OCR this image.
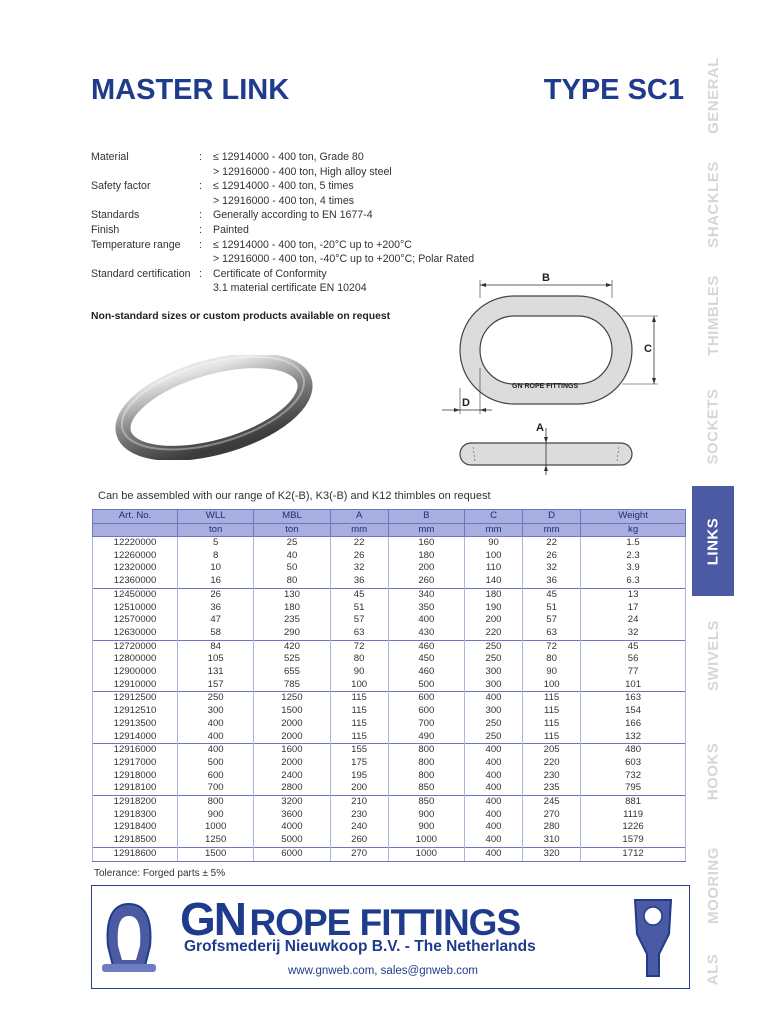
MASTER LINK	TYPE SC1
Material	:	≤ 12914000 - 400 ton, Grade 80
> 12916000 - 400 ton, High alloy steel
Safety factor	:	≤ 12914000 - 400 ton, 5 times
> 12916000 - 400 ton, 4 times
Standards	:	Generally according to EN 1677-4
Finish	:	Painted
Temperature range	:	≤ 12914000 - 400 ton, -20°C up to +200°C
> 12916000 - 400 ton, -40°C up to +200°C; Polar Rated
Standard certification :	Certificate of Conformity
3.1 material certificate EN 10204
Non-standard sizes or custom products available on request
B
C
GN ROPE FITTINGS
D
A
Can be assembled with our range of K2(-B), K3(-B) and K12 thimbles on request
Art. No.	WLL	MBL	A	B	C	D	Weight
	ton	ton	mm	mm	mm	mm	kg
12220000	5	25	22	160	90	22	1.5
12260000	8	40	26	180	100	26	2.3
12320000	10	50	32	200	110	32	3.9
12360000	16	80	36	260	140	36	6.3
12450000	26	130	45	340	180	45	13
12510000	36	180	51	350	190	51	17
12570000	47	235	57	400	200	57	24
12630000	58	290	63	430	220	63	32
12720000	84	420	72	460	250	72	45
12800000	105	525	80	450	250	80	56
12900000	131	655	90	460	300	90	77
12910000	157	785	100	500	300	100	101
12912500	250	1250	115	600	400	115	163
12912510	300	1500	115	600	300	115	154
12913500	400	2000	115	700	250	115	166
12914000	400	2000	115	490	250	115	132
12916000	400	1600	155	800	400	205	480
12917000	500	2000	175	800	400	220	603
12918000	600	2400	195	800	400	230	732
12918100	700	2800	200	850	400	235	795
12918200	800	3200	210	850	400	245	881
12918300	900	3600	230	900	400	270	1119
12918400	1000	4000	240	900	400	280	1226
12918500	1250	5000	260	1000	400	310	1579
12918600	1500	6000	270	1000	400	320	1712
Tolerance: Forged parts ± 5%
GN ROPE FITTINGS
Grofsmederij Nieuwkoop B.V. - The Netherlands
www.gnweb.com, sales@gnweb.com
GENERAL
SHACKLES
THIMBLES
SOCKETS
LINKS
SWIVELS
HOOKS
MOORING
ALS
